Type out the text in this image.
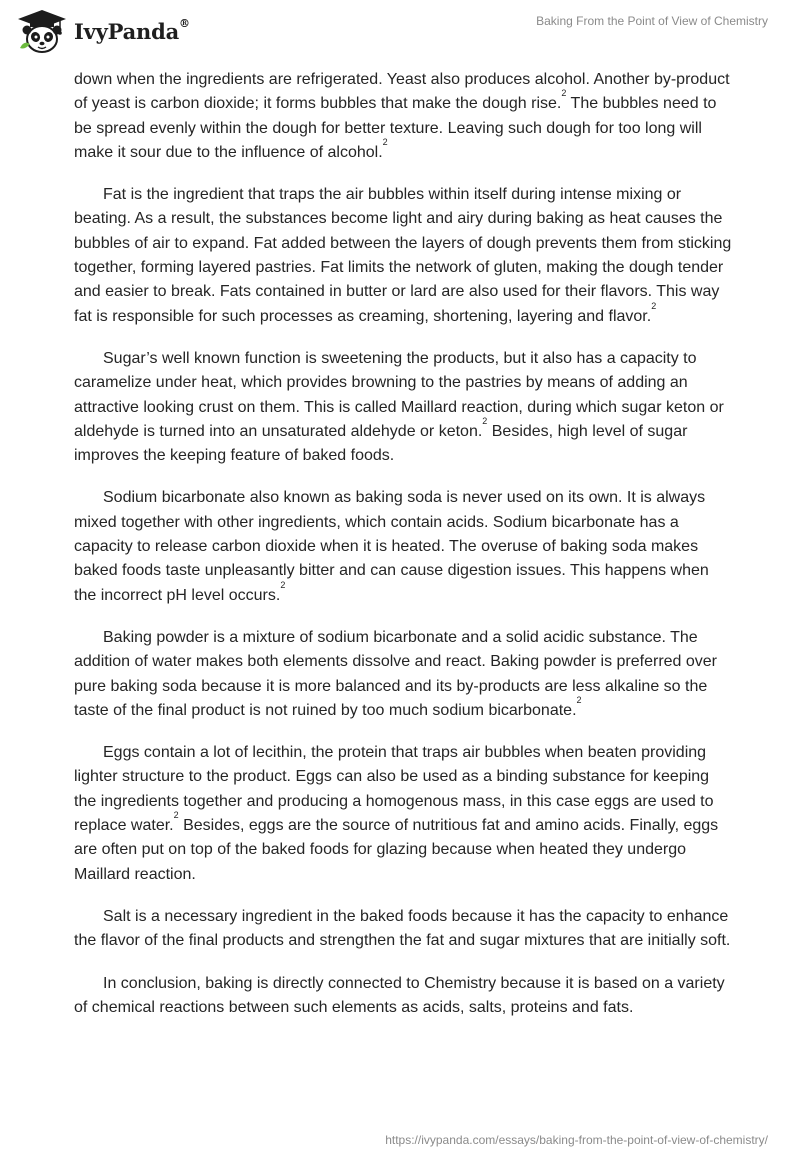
IvyPanda®	Baking From the Point of View of Chemistry

down when the ingredients are refrigerated. Yeast also produces alcohol. Another by-product of yeast is carbon dioxide; it forms bubbles that make the dough rise.$^2$ The bubbles need to be spread evenly within the dough for better texture. Leaving such dough for too long will make it sour due to the influence of alcohol.$^2$

Fat is the ingredient that traps the air bubbles within itself during intense mixing or beating. As a result, the substances become light and airy during baking as heat causes the bubbles of air to expand. Fat added between the layers of dough prevents them from sticking together, forming layered pastries. Fat limits the network of gluten, making the dough tender and easier to break. Fats contained in butter or lard are also used for their flavors. This way fat is responsible for such processes as creaming, shortening, layering and flavor.$^2$

Sugar’s well known function is sweetening the products, but it also has a capacity to caramelize under heat, which provides browning to the pastries by means of adding an attractive looking crust on them. This is called Maillard reaction, during which sugar keton or aldehyde is turned into an unsaturated aldehyde or keton.$^2$ Besides, high level of sugar improves the keeping feature of baked foods.

Sodium bicarbonate also known as baking soda is never used on its own. It is always mixed together with other ingredients, which contain acids. Sodium bicarbonate has a capacity to release carbon dioxide when it is heated. The overuse of baking soda makes baked foods taste unpleasantly bitter and can cause digestion issues. This happens when the incorrect pH level occurs.$^2$

Baking powder is a mixture of sodium bicarbonate and a solid acidic substance. The addition of water makes both elements dissolve and react. Baking powder is preferred over pure baking soda because it is more balanced and its by-products are less alkaline so the taste of the final product is not ruined by too much sodium bicarbonate.$^2$

Eggs contain a lot of lecithin, the protein that traps air bubbles when beaten providing lighter structure to the product. Eggs can also be used as a binding substance for keeping the ingredients together and producing a homogenous mass, in this case eggs are used to replace water.$^2$ Besides, eggs are the source of nutritious fat and amino acids. Finally, eggs are often put on top of the baked foods for glazing because when heated they undergo Maillard reaction.

Salt is a necessary ingredient in the baked foods because it has the capacity to enhance the flavor of the final products and strengthen the fat and sugar mixtures that are initially soft.

In conclusion, baking is directly connected to Chemistry because it is based on a variety of chemical reactions between such elements as acids, salts, proteins and fats.

https://ivypanda.com/essays/baking-from-the-point-of-view-of-chemistry/
